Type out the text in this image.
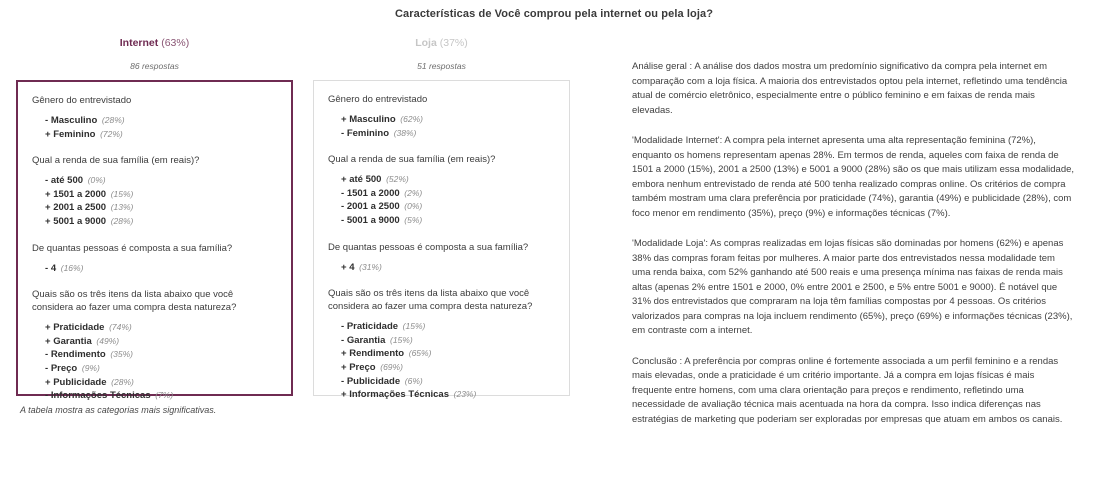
Características de Você comprou pela internet ou pela loja?
Internet (63%)
86 respostas
Gênero do entrevistado
- Masculino (28%)
+ Feminino (72%)
Qual a renda de sua família (em reais)?
- até 500 (0%)
+ 1501 a 2000 (15%)
+ 2001 a 2500 (13%)
+ 5001 a 9000 (28%)
De quantas pessoas é composta a sua família?
- 4 (16%)
Quais são os três itens da lista abaixo que você considera ao fazer uma compra desta natureza?
+ Praticidade (74%)
+ Garantia (49%)
- Rendimento (35%)
- Preço (9%)
+ Publicidade (28%)
- Informações Técnicas (7%)
A tabela mostra as categorias mais significativas.
Loja (37%)
51 respostas
Gênero do entrevistado
+ Masculino (62%)
- Feminino (38%)
Qual a renda de sua família (em reais)?
+ até 500 (52%)
- 1501 a 2000 (2%)
- 2001 a 2500 (0%)
- 5001 a 9000 (5%)
De quantas pessoas é composta a sua família?
+ 4 (31%)
Quais são os três itens da lista abaixo que você considera ao fazer uma compra desta natureza?
- Praticidade (15%)
- Garantia (15%)
+ Rendimento (65%)
+ Preço (69%)
- Publicidade (6%)
+ Informações Técnicas (23%)

Análise geral : A análise dos dados mostra um predomínio significativo da compra pela internet em comparação com a loja física. A maioria dos entrevistados optou pela internet, refletindo uma tendência atual de comércio eletrônico, especialmente entre o público feminino e em faixas de renda mais elevadas.

'Modalidade Internet': A compra pela internet apresenta uma alta representação feminina (72%), enquanto os homens representam apenas 28%. Em termos de renda, aqueles com faixa de renda de 1501 a 2000 (15%), 2001 a 2500 (13%) e 5001 a 9000 (28%) são os que mais utilizam essa modalidade, embora nenhum entrevistado de renda até 500 tenha realizado compras online. Os critérios de compra também mostram uma clara preferência por praticidade (74%), garantia (49%) e publicidade (28%), com foco menor em rendimento (35%), preço (9%) e informações técnicas (7%).

'Modalidade Loja': As compras realizadas em lojas físicas são dominadas por homens (62%) e apenas 38% das compras foram feitas por mulheres. A maior parte dos entrevistados nessa modalidade tem uma renda baixa, com 52% ganhando até 500 reais e uma presença mínima nas faixas de renda mais altas (apenas 2% entre 1501 e 2000, 0% entre 2001 e 2500, e 5% entre 5001 e 9000). É notável que 31% dos entrevistados que compraram na loja têm famílias compostas por 4 pessoas. Os critérios valorizados para compras na loja incluem rendimento (65%), preço (69%) e informações técnicas (23%), em contraste com a internet.

Conclusão : A preferência por compras online é fortemente associada a um perfil feminino e a rendas mais elevadas, onde a praticidade é um critério importante. Já a compra em lojas físicas é mais frequente entre homens, com uma clara orientação para preços e rendimento, refletindo uma necessidade de avaliação técnica mais acentuada na hora da compra. Isso indica diferenças nas estratégias de marketing que poderiam ser exploradas por empresas que atuam em ambos os canais.
